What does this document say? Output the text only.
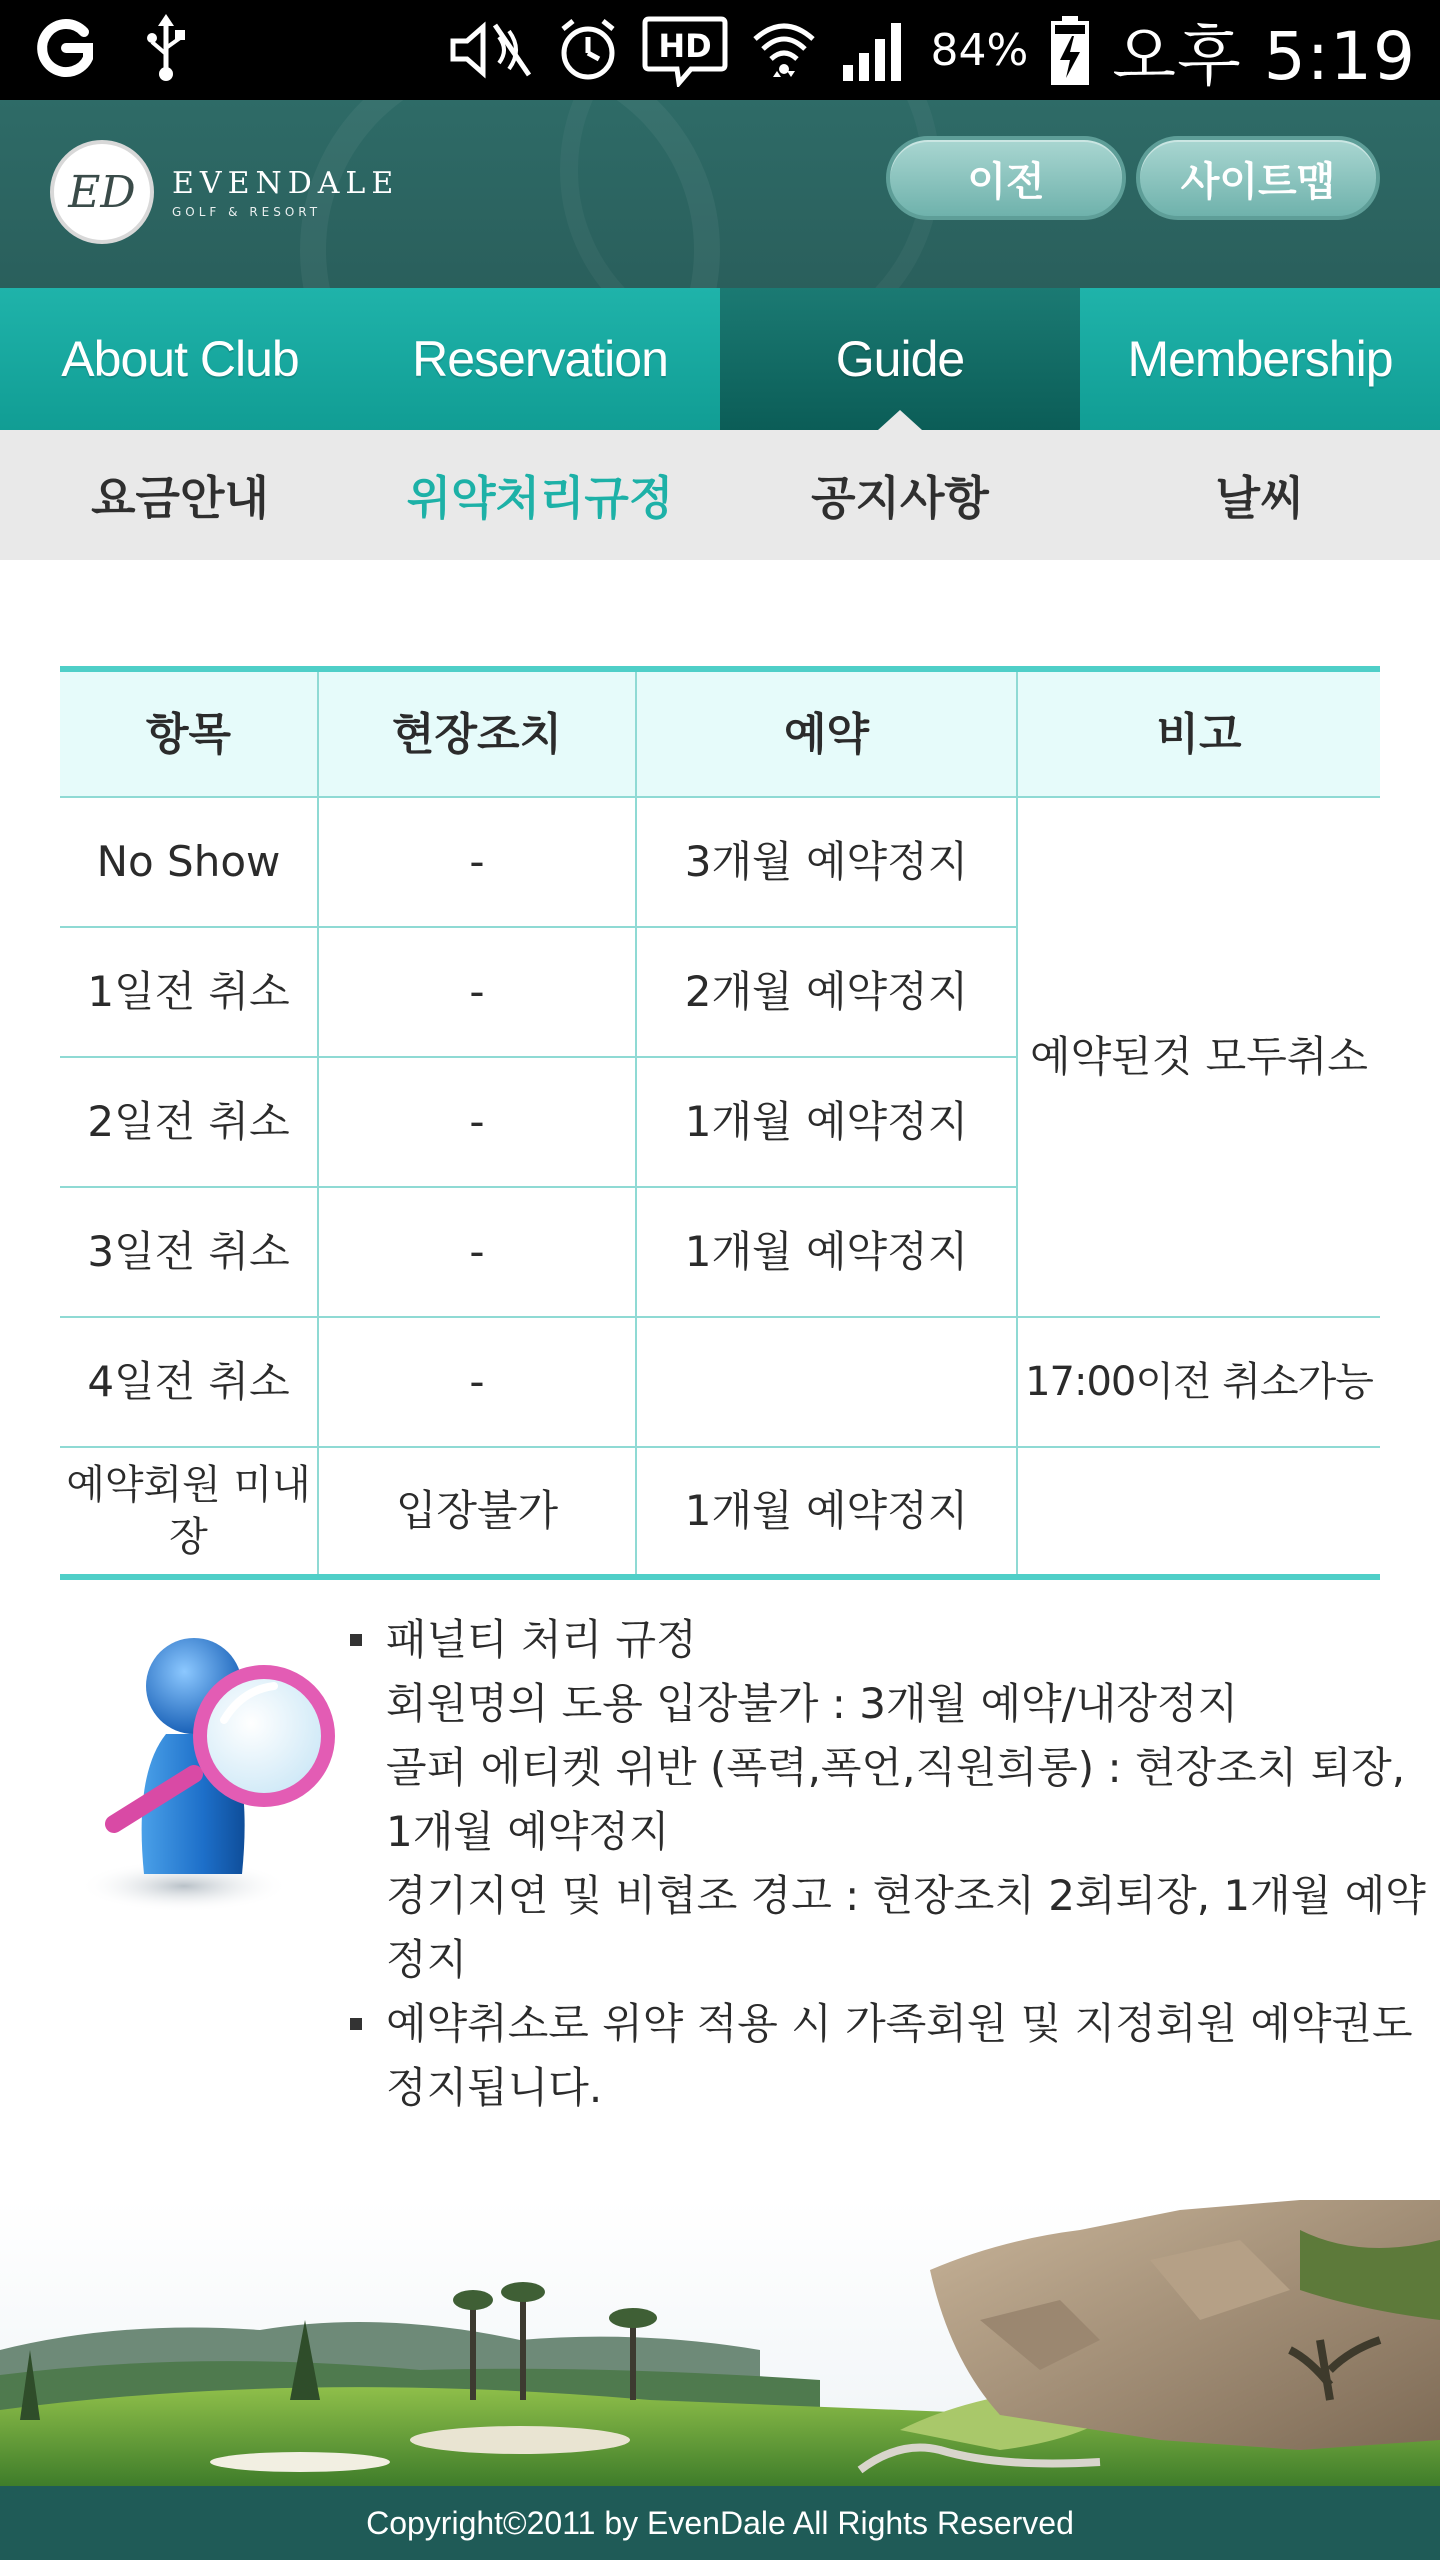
HD	84% 오후 5:19
ED EVENDALE
GOLF & RESORT
이전	사이트맵
About Club	Reservation	Guide	Membership
요금안내	위약처리규정	공지사항	날씨
항목	현장조치	예약	비고
No Show	-	3개월 예약정지	예약된것 모두취소
1일전 취소	-	2개월 예약정지	
2일전 취소	-	1개월 예약정지	
3일전 취소	-	1개월 예약정지	
4일전 취소	-		17:00이전 취소가능
예약회원 미내장	입장불가	1개월 예약정지	
패널티 처리 규정
회원명의 도용 입장불가 : 3개월 예약/내장정지
골퍼 에티켓 위반 (폭력,폭언,직원희롱) : 현장조치 퇴장, 1개월 예약정지
경기지연 및 비협조 경고 : 현장조치 2회퇴장, 1개월 예약정지
예약취소로 위약 적용 시 가족회원 및 지정회원 예약권도 정지됩니다.
Copyright©2011 by EvenDale All Rights Reserved
